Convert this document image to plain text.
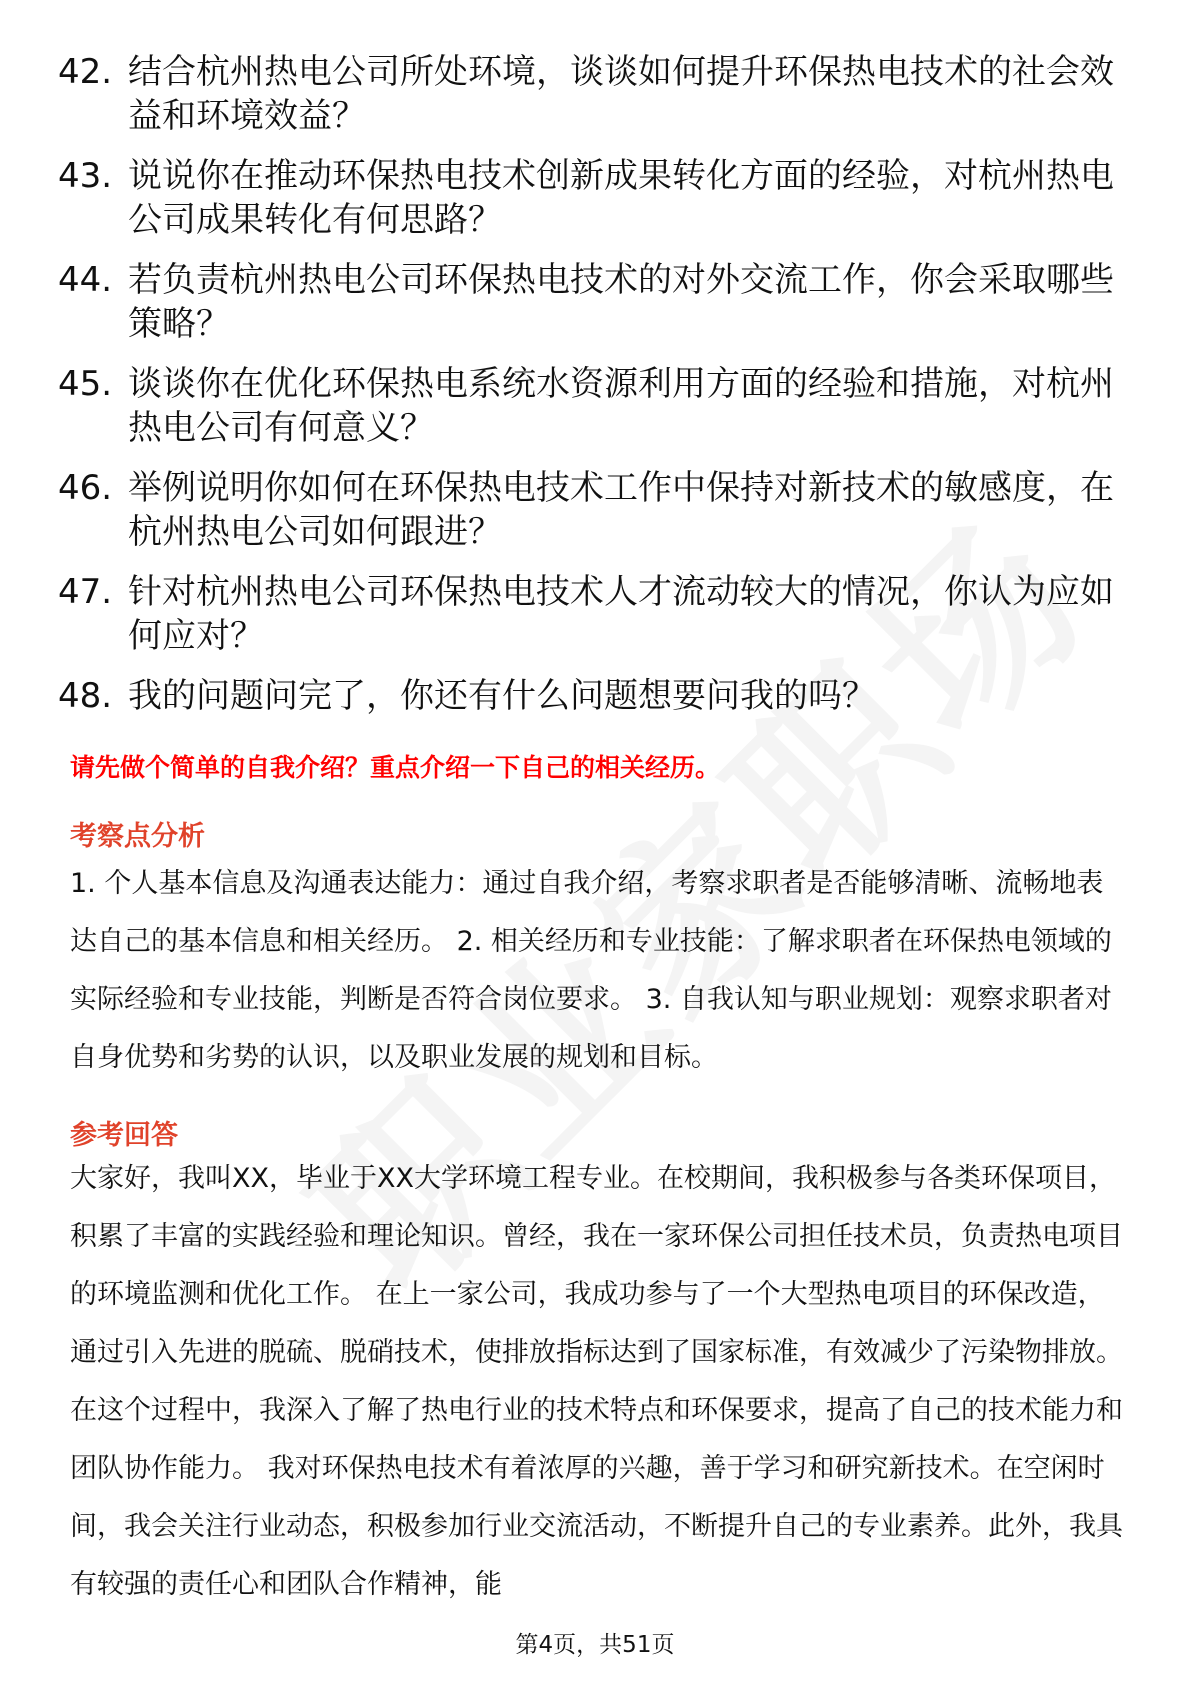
42. 结合杭州热电公司所处环境，谈谈如何提升环保热电技术的社会效益和环境效益？
43. 说说你在推动环保热电技术创新成果转化方面的经验，对杭州热电公司成果转化有何思路？
44. 若负责杭州热电公司环保热电技术的对外交流工作，你会采取哪些策略？
45. 谈谈你在优化环保热电系统水资源利用方面的经验和措施，对杭州热电公司有何意义？
46. 举例说明你如何在环保热电技术工作中保持对新技术的敏感度，在杭州热电公司如何跟进？
47. 针对杭州热电公司环保热电技术人才流动较大的情况，你认为应如何应对？
48. 我的问题问完了，你还有什么问题想要问我的吗？
请先做个简单的自我介绍？重点介绍一下自己的相关经历。
考察点分析
1. 个人基本信息及沟通表达能力：通过自我介绍，考察求职者是否能够清晰、流畅地表达自己的基本信息和相关经历。 2. 相关经历和专业技能：了解求职者在环保热电领域的实际经验和专业技能，判断是否符合岗位要求。 3. 自我认知与职业规划：观察求职者对自身优势和劣势的认识，以及职业发展的规划和目标。
参考回答
大家好，我叫XX，毕业于XX大学环境工程专业。在校期间，我积极参与各类环保项目，积累了丰富的实践经验和理论知识。曾经，我在一家环保公司担任技术员，负责热电项目的环境监测和优化工作。 在上一家公司，我成功参与了一个大型热电项目的环保改造，通过引入先进的脱硫、脱硝技术，使排放指标达到了国家标准，有效减少了污染物排放。在这个过程中，我深入了解了热电行业的技术特点和环保要求，提高了自己的技术能力和团队协作能力。 我对环保热电技术有着浓厚的兴趣，善于学习和研究新技术。在空闲时间，我会关注行业动态，积极参加行业交流活动，不断提升自己的专业素养。此外，我具有较强的责任心和团队合作精神，能
第4页，共51页
